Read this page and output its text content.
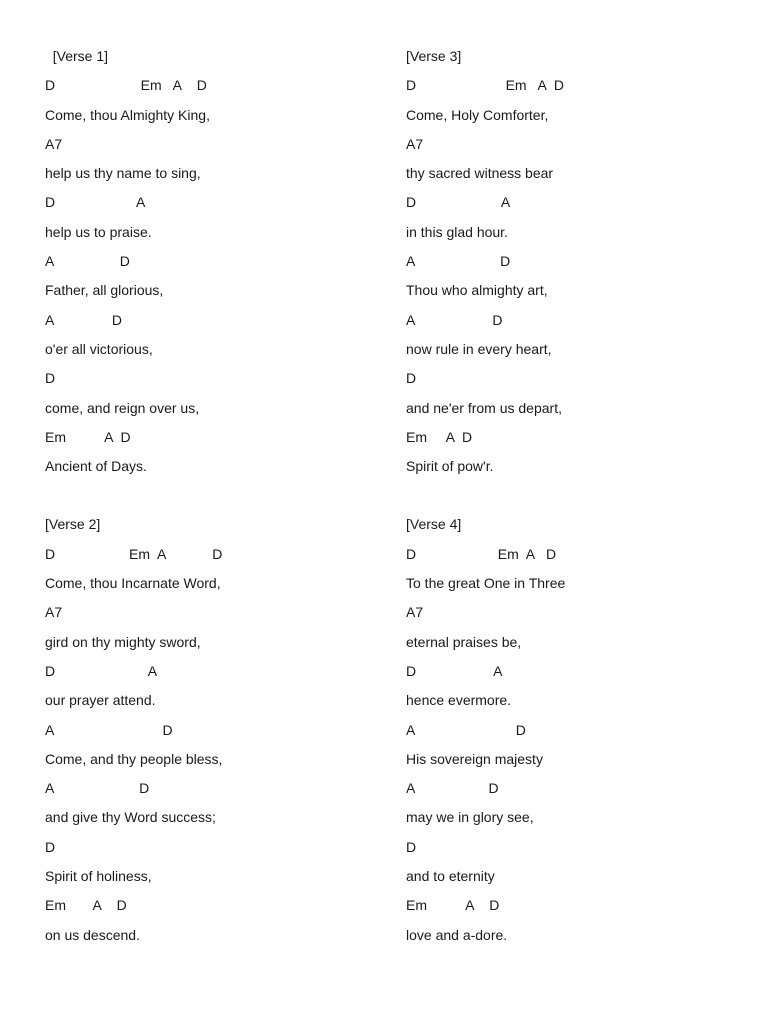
[Verse 1]
D                      Em   A    D
Come, thou Almighty King,
A7
help us thy name to sing,
D                     A
help us to praise.
A                 D
Father, all glorious,
A               D
o'er all victorious,
D
come, and reign over us,
Em          A  D
Ancient of Days.
[Verse 2]
D                   Em  A            D
Come, thou Incarnate Word,
A7
gird on thy mighty sword,
D                        A
our prayer attend.
A                            D
Come, and thy people bless,
A                      D
and give thy Word success;
D
Spirit of holiness,
Em       A    D
on us descend.
[Verse 3]
D                       Em   A  D
Come, Holy Comforter,
A7
thy sacred witness bear
D                      A
in this glad hour.
A                      D
Thou who almighty art,
A                    D
now rule in every heart,
D
and ne'er from us depart,
Em     A  D
Spirit of pow'r.
[Verse 4]
D                     Em  A   D
To the great One in Three
A7
eternal praises be,
D                    A
hence evermore.
A                          D
His sovereign majesty
A                   D
may we in glory see,
D
and to eternity
Em          A    D
love and a-dore.
